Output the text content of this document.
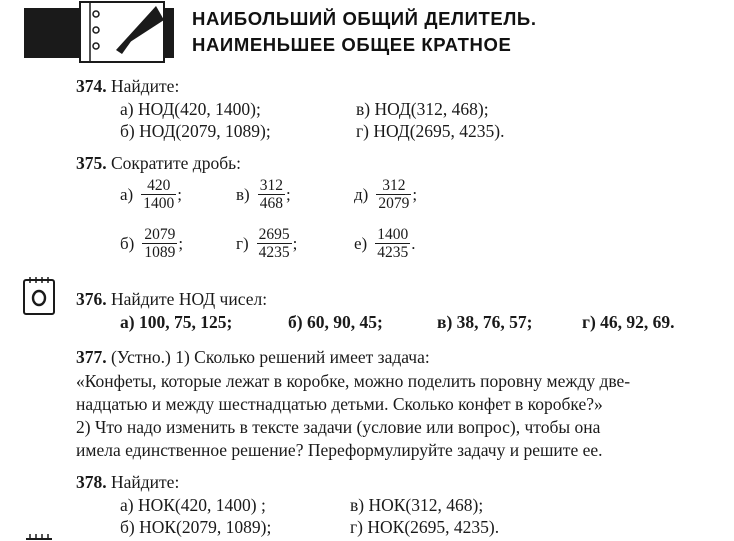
НАИБОЛЬШИЙ ОБЩИЙ ДЕЛИТЕЛЬ.
НАИМЕНЬШЕЕ ОБЩЕЕ КРАТНОЕ
374. Найдите:
а) НОД(420, 1400);	в) НОД(312, 468);
б) НОД(2079, 1089);	г) НОД(2695, 4235).
375. Сократите дробь:
$а) \frac{420}{1400}$ ;	$в) \frac{312}{468}$ ;	$д) \frac{312}{2079}$ ;
$б) \frac{2079}{1089}$ ;	$г) \frac{2695}{4235}$ ;	$е) \frac{1400}{4235}$ .
376. Найдите НОД чисел:
а) 100, 75, 125;	б) 60, 90, 45;	в) 38, 76, 57;	г) 46, 92, 69.
377. (Устно.) 1) Сколько решений имеет задача:
«Конфеты, которые лежат в коробке, можно поделить поровну между две-
надцатью и между шестнадцатью детьми. Сколько конфет в коробке?»
2) Что надо изменить в тексте задачи (условие или вопрос), чтобы она
имела единственное решение? Переформулируйте задачу и решите ее.
378. Найдите:
а) НОК(420, 1400) ;	в) НОК(312, 468);
б) НОК(2079, 1089);	г) НОК(2695, 4235).
